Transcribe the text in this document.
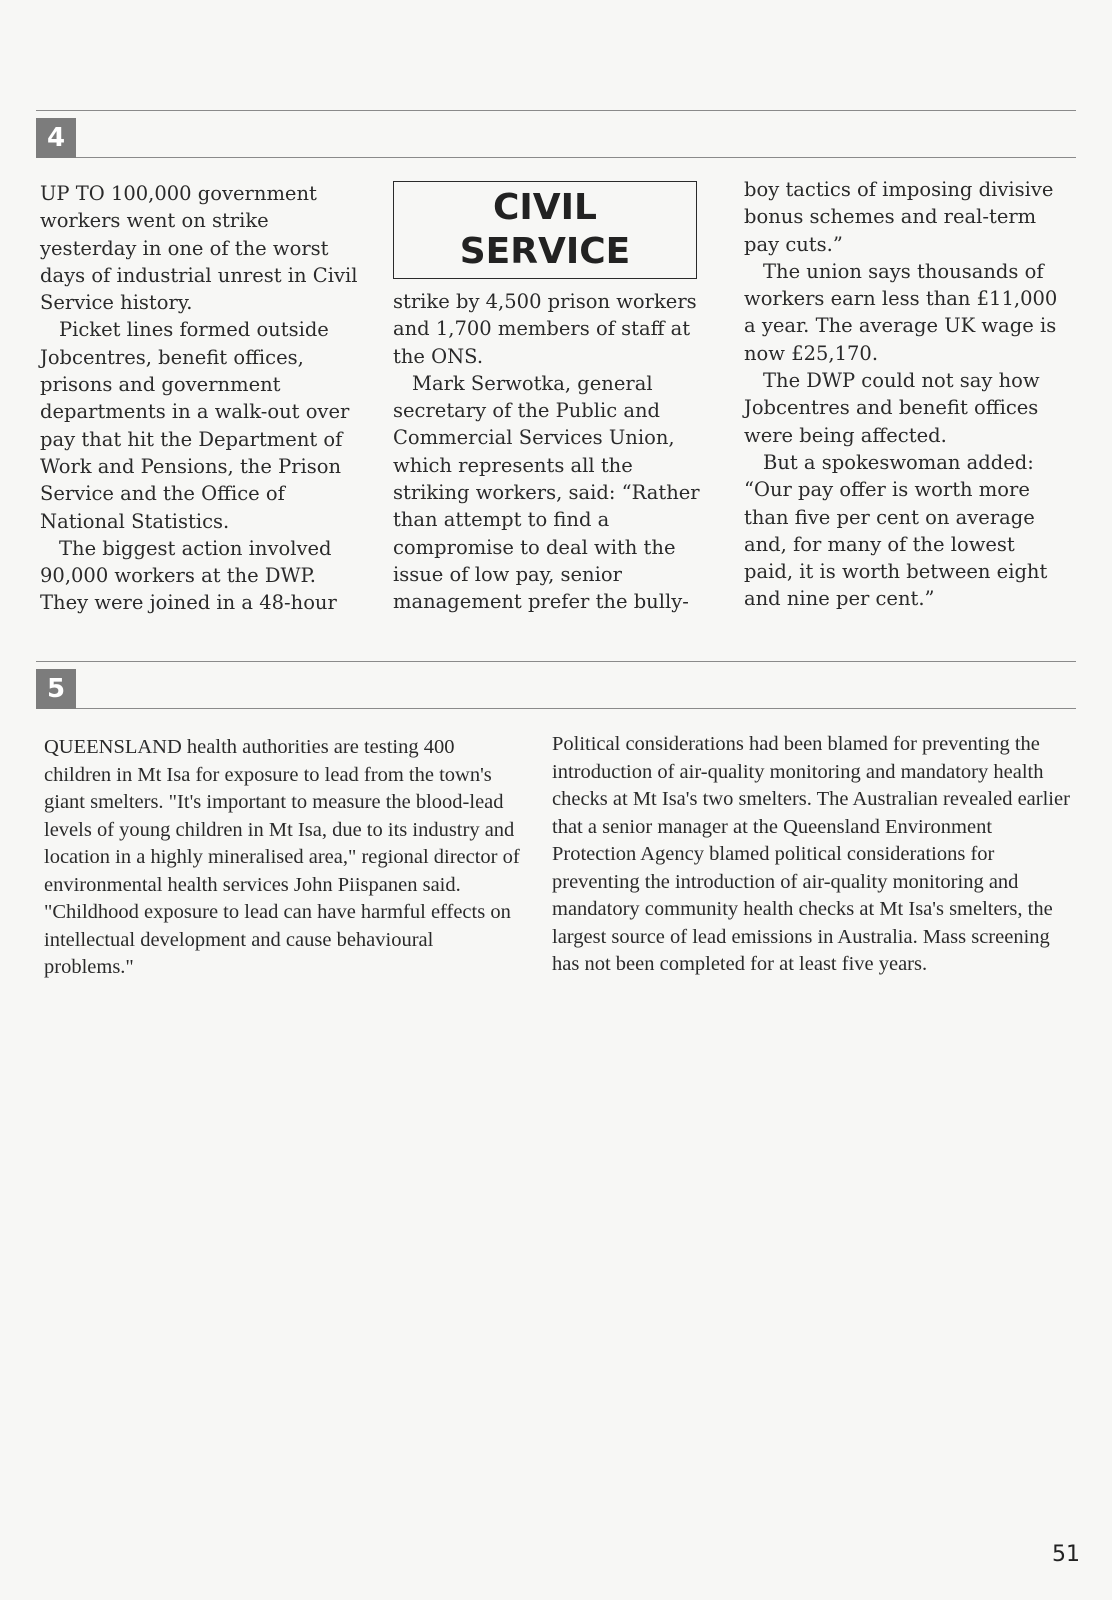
4

UP TO 100,000 government workers went on strike yesterday in one of the worst days of industrial unrest in Civil Service history.

Picket lines formed outside Jobcentres, benefit offices, prisons and government departments in a walk-out over pay that hit the Department of Work and Pensions, the Prison Service and the Office of National Statistics.

The biggest action involved 90,000 workers at the DWP. They were joined in a 48-hour

CIVIL
SERVICE

strike by 4,500 prison workers and 1,700 members of staff at the ONS.

Mark Serwotka, general secretary of the Public and Commercial Services Union, which represents all the striking workers, said: “Rather than attempt to find a compromise to deal with the issue of low pay, senior management prefer the bully-

boy tactics of imposing divisive bonus schemes and real-term pay cuts.”

The union says thousands of workers earn less than £11,000 a year. The average UK wage is now £25,170.

The DWP could not say how Jobcentres and benefit offices were being affected.

But a spokeswoman added: “Our pay offer is worth more than five per cent on average and, for many of the lowest paid, it is worth between eight and nine per cent.”

5

QUEENSLAND health authorities are testing 400 children in Mt Isa for exposure to lead from the town's giant smelters. "It's important to measure the blood-lead levels of young children in Mt Isa, due to its industry and location in a highly mineralised area," regional director of environmental health services John Piispanen said. "Childhood exposure to lead can have harmful effects on intellectual development and cause behavioural problems."

Political considerations had been blamed for preventing the introduction of air-quality monitoring and mandatory health checks at Mt Isa's two smelters. The Australian revealed earlier that a senior manager at the Queensland Environment Protection Agency blamed political considerations for preventing the introduction of air-quality monitoring and mandatory community health checks at Mt Isa's smelters, the largest source of lead emissions in Australia. Mass screening has not been completed for at least five years.

51
